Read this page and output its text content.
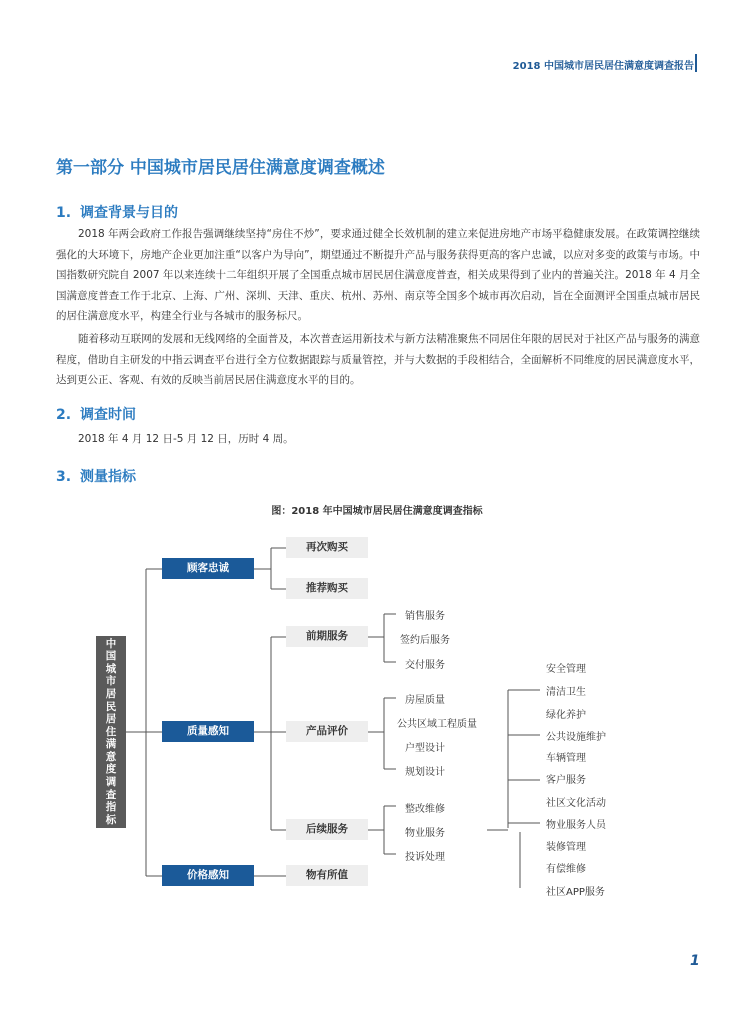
2018 中国城市居民居住满意度调查报告
第一部分 中国城市居民居住满意度调查概述
1. 调查背景与目的
2018 年两会政府工作报告强调继续坚持“房住不炒”，要求通过健全长效机制的建立来促进房地产市场平稳健康发展。在政策调控继续强化的大环境下，房地产企业更加注重“以客户为导向”，期望通过不断提升产品与服务获得更高的客户忠诚，以应对多变的政策与市场。中国指数研究院自 2007 年以来连续十二年组织开展了全国重点城市居民居住满意度普查，相关成果得到了业内的普遍关注。2018 年 4 月全国满意度普查工作于北京、上海、广州、深圳、天津、重庆、杭州、苏州、南京等全国多个城市再次启动，旨在全面测评全国重点城市居民的居住满意度水平，构建全行业与各城市的服务标尺。
随着移动互联网的发展和无线网络的全面普及，本次普查运用新技术与新方法精准聚焦不同居住年限的居民对于社区产品与服务的满意程度，借助自主研发的中指云调查平台进行全方位数据跟踪与质量管控，并与大数据的手段相结合，全面解析不同维度的居民满意度水平，达到更公正、客观、有效的反映当前居民居住满意度水平的目的。
2. 调查时间
2018 年 4 月 12 日-5 月 12 日，历时 4 周。
3. 测量指标
图：2018 年中国城市居民居住满意度调查指标
中国城市居民居住满意度调查指标
顾客忠诚
质量感知
价格感知
再次购买
推荐购买
前期服务
产品评价
后续服务
物有所值
销售服务
签约后服务
交付服务
房屋质量
公共区域工程质量
户型设计
规划设计
整改维修
物业服务
投诉处理
安全管理
清洁卫生
绿化养护
公共设施维护
车辆管理
客户服务
社区文化活动
物业服务人员
装修管理
有偿维修
社区APP服务
1
